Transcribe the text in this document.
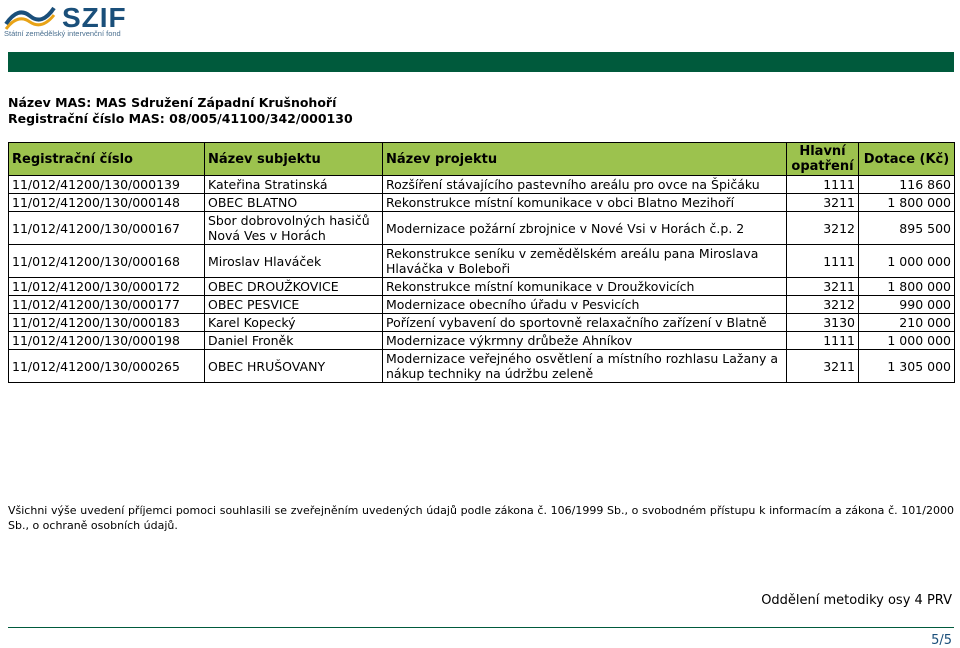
SZIF
Státní zemědělský intervenční fond
Název MAS: MAS Sdružení Západní Krušnohoří
Registrační číslo MAS: 08/005/41100/342/000130
Registrační číslo	Název subjektu	Název projektu	Hlavní opatření	Dotace (Kč)
11/012/41200/130/000139	Kateřina Stratinská	Rozšíření stávajícího pastevního areálu pro ovce na Špičáku	1111	116 860
11/012/41200/130/000148	OBEC BLATNO	Rekonstrukce místní komunikace v obci Blatno Mezihoří	3211	1 800 000
11/012/41200/130/000167	Sbor dobrovolných hasičů Nová Ves v Horách	Modernizace požární zbrojnice v Nové Vsi v Horách č.p. 2	3212	895 500
11/012/41200/130/000168	Miroslav Hlaváček	Rekonstrukce seníku v zemědělském areálu pana Miroslava Hlaváčka v Boleboři	1111	1 000 000
11/012/41200/130/000172	OBEC DROUŽKOVICE	Rekonstrukce místní komunikace v Droužkovicích	3211	1 800 000
11/012/41200/130/000177	OBEC PESVICE	Modernizace obecního úřadu v Pesvicích	3212	990 000
11/012/41200/130/000183	Karel Kopecký	Pořízení vybavení do sportovně relaxačního zařízení v Blatně	3130	210 000
11/012/41200/130/000198	Daniel Froněk	Modernizace výkrmny drůbeže Ahníkov	1111	1 000 000
11/012/41200/130/000265	OBEC HRUŠOVANY	Modernizace veřejného osvětlení a místního rozhlasu Lažany a nákup techniky na údržbu zeleně	3211	1 305 000
Všichni výše uvedení příjemci pomoci souhlasili se zveřejněním uvedených údajů podle zákona č. 106/1999 Sb., o svobodném přístupu k informacím a zákona č. 101/2000 Sb., o ochraně osobních údajů.
Oddělení metodiky osy 4 PRV
5/5
